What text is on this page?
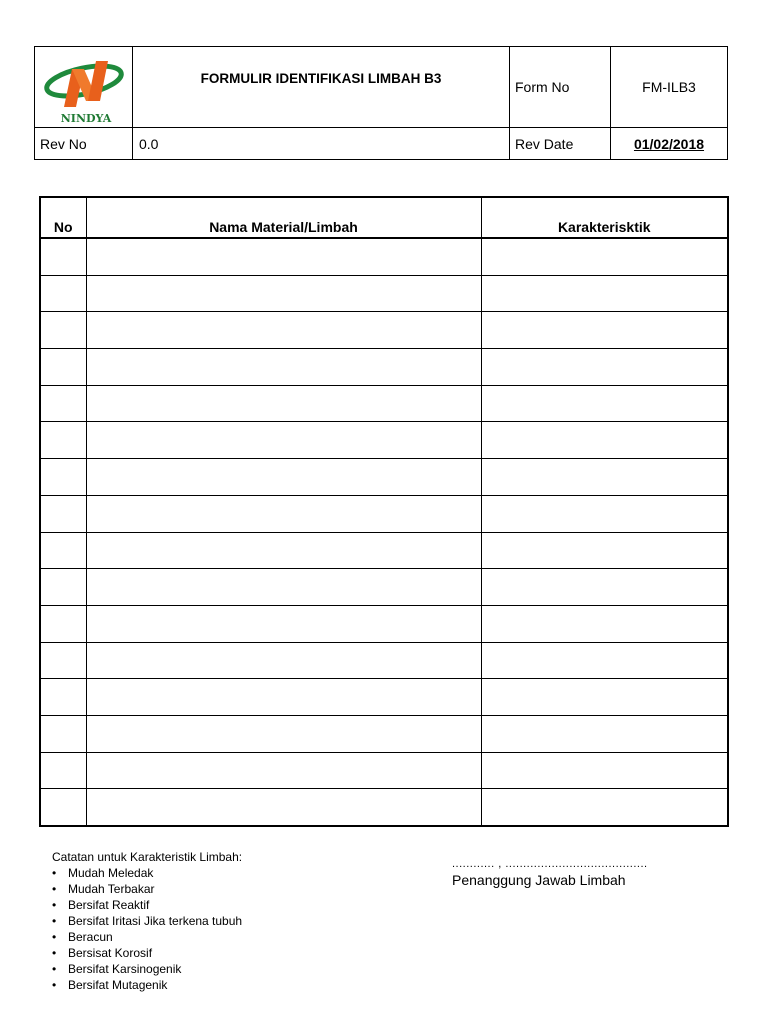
NINDYA	FORMULIR IDENTIFIKASI LIMBAH B3	Form No	FM-ILB3
Rev No	0.0	Rev Date	01/02/2018
No	Nama Material/Limbah	Karakterisktik

Catatan untuk Karakteristik Limbah:
• Mudah Meledak
• Mudah Terbakar
• Bersifat Reaktif
• Bersifat Iritasi Jika terkena tubuh
• Beracun
• Bersisat Korosif
• Bersifat Karsinogenik
• Bersifat Mutagenik
............ , ........................................
Penanggung Jawab Limbah
